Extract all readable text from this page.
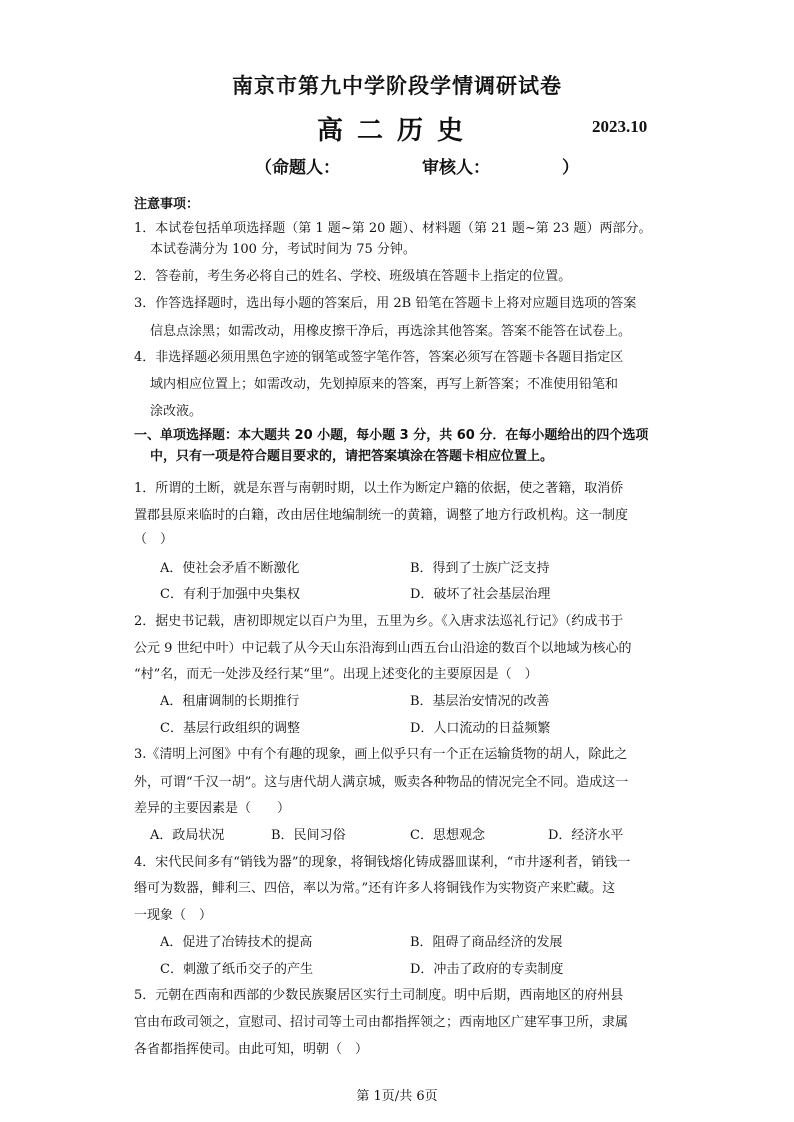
南京市第九中学阶段学情调研试卷
高二历史	2023.10
（命题人：	审核人：	）
注意事项：
1．本试卷包括单项选择题（第 1 题~第 20 题）、材料题（第 21 题~第 23 题）两部分。
本试卷满分为 100 分，考试时间为 75 分钟。
2．答卷前，考生务必将自己的姓名、学校、班级填在答题卡上指定的位置。
3．作答选择题时，选出每小题的答案后，用 2B 铅笔在答题卡上将对应题目选项的答案
信息点涂黑；如需改动，用橡皮擦干净后，再选涂其他答案。答案不能答在试卷上。
4．非选择题必须用黑色字迹的钢笔或签字笔作答，答案必须写在答题卡各题目指定区
域内相应位置上；如需改动，先划掉原来的答案，再写上新答案；不准使用铅笔和
涂改液。
一、单项选择题：本大题共 20 小题，每小题 3 分，共 60 分．在每小题给出的四个选项
中，只有一项是符合题目要求的，请把答案填涂在答题卡相应位置上。
1．所谓的土断，就是东晋与南朝时期，以土作为断定户籍的依据，使之著籍，取消侨
置郡县原来临时的白籍，改由居住地编制统一的黄籍，调整了地方行政机构。这一制度
（　）
A．使社会矛盾不断激化	B．得到了士族广泛支持
C．有利于加强中央集权	D．破坏了社会基层治理
2．据史书记载，唐初即规定以百户为里，五里为乡。《入唐求法巡礼行记》（约成书于
公元 9 世纪中叶）中记载了从今天山东沿海到山西五台山沿途的数百个以地域为核心的
“村”名，而无一处涉及经行某“里”。出现上述变化的主要原因是（　）
A．租庸调制的长期推行	B．基层治安情况的改善
C．基层行政组织的调整	D．人口流动的日益频繁
3.《清明上河图》中有个有趣的现象，画上似乎只有一个正在运输货物的胡人，除此之
外，可谓“千汉一胡”。这与唐代胡人满京城，贩卖各种物品的情况完全不同。造成这一
差异的主要因素是（　　）
A．政局状况	B．民间习俗	C．思想观念	D．经济水平
4．宋代民间多有“销钱为器”的现象，将铜钱熔化铸成器皿谋利，“市井逐利者，销钱一
缗可为数器，鲱利三、四倍，率以为常。”还有许多人将铜钱作为实物资产来贮藏。这
一现象（　）
A．促进了冶铸技术的提高	B．阻碍了商品经济的发展
C．刺激了纸币交子的产生	D．冲击了政府的专卖制度
5．元朝在西南和西部的少数民族聚居区实行土司制度。明中后期，西南地区的府州县
官由布政司领之，宣慰司、招讨司等土司由都指挥领之；西南地区广建军事卫所，隶属
各省都指挥使司。由此可知，明朝（　）
第 1页/共 6页
